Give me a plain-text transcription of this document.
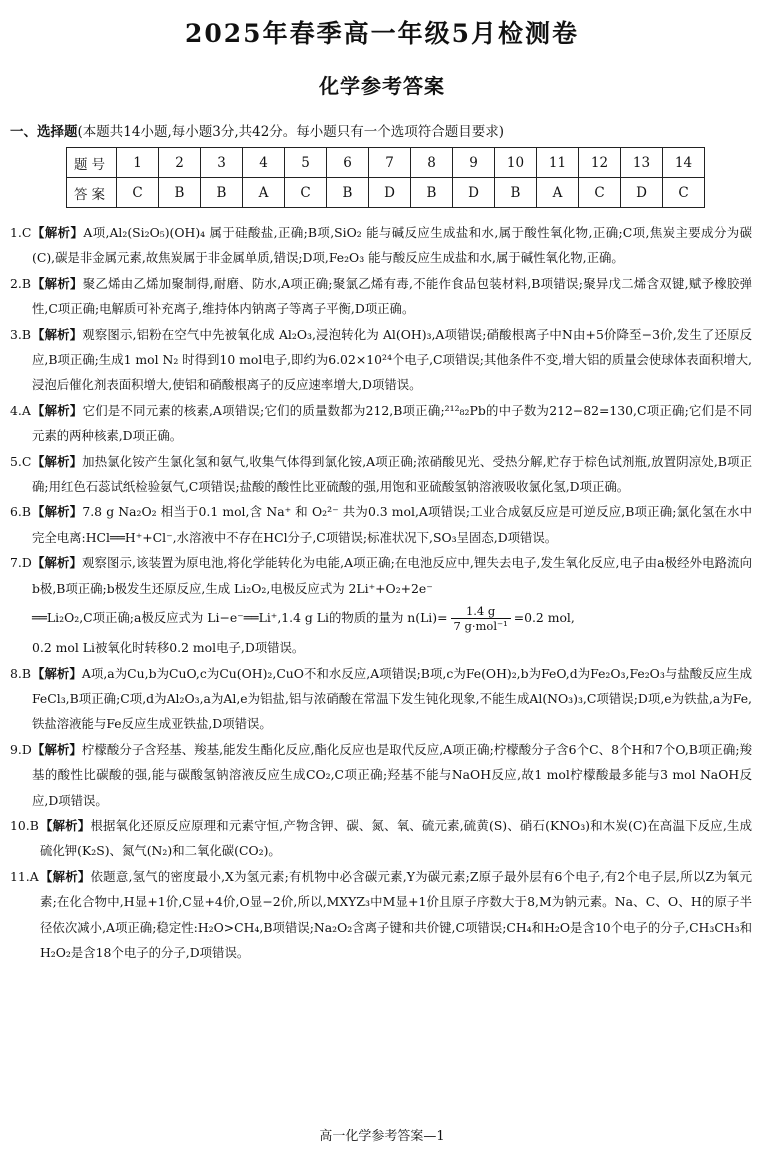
2025年春季高一年级5月检测卷
化学参考答案
一、选择题(本题共14小题,每小题3分,共42分。每小题只有一个选项符合题目要求)
题号	1	2	3	4	5	6	7	8	9	10	11	12	13	14
答案	C	B	B	A	C	B	D	B	D	B	A	C	D	C
1.C 【解析】A项,Al₂(Si₂O₅)(OH)₄ 属于硅酸盐,正确;B项,SiO₂ 能与碱反应生成盐和水,属于酸性氧化物,正确;C项,焦炭主要成分为碳(C),碳是非金属元素,故焦炭属于非金属单质,错误;D项,Fe₂O₃ 能与酸反应生成盐和水,属于碱性氧化物,正确。
2.B 【解析】聚乙烯由乙烯加聚制得,耐磨、防水,A项正确;聚氯乙烯有毒,不能作食品包装材料,B项错误;聚异戊二烯含双键,赋予橡胶弹性,C项正确;电解质可补充离子,维持体内钠离子等离子平衡,D项正确。
3.B 【解析】观察图示,铝粉在空气中先被氧化成 Al₂O₃,浸泡转化为 Al(OH)₃,A项错误;硝酸根离子中N由+5价降至−3价,发生了还原反应,B项正确;生成1 mol N₂ 时得到10 mol电子,即约为6.02×10²⁴个电子,C项错误;其他条件不变,增大铝的质量会使球体表面积增大,浸泡后催化剂表面积增大,使铝和硝酸根离子的反应速率增大,D项错误。
4.A 【解析】它们是不同元素的核素,A项错误;它们的质量数都为212,B项正确;²¹²₈₂Pb的中子数为212−82=130,C项正确;它们是不同元素的两种核素,D项正确。
5.C 【解析】加热氯化铵产生氯化氢和氨气,收集气体得到氯化铵,A项正确;浓硝酸见光、受热分解,贮存于棕色试剂瓶,放置阴凉处,B项正确;用红色石蕊试纸检验氨气,C项错误;盐酸的酸性比亚硫酸的强,用饱和亚硫酸氢钠溶液吸收氯化氢,D项正确。
6.B 【解析】7.8 g Na₂O₂ 相当于0.1 mol,含 Na⁺ 和 O₂²⁻ 共为0.3 mol,A项错误;工业合成氨反应是可逆反应,B项正确;氯化氢在水中完全电离:HCl══H⁺+Cl⁻,水溶液中不存在HCl分子,C项错误;标准状况下,SO₃呈固态,D项错误。
7.D 【解析】观察图示,该装置为原电池,将化学能转化为电能,A项正确;在电池反应中,锂失去电子,发生氧化反应,电子由a极经外电路流向b极,B项正确;b极发生还原反应,生成 Li₂O₂,电极反应式为 2Li⁺+O₂+2e⁻
══Li₂O₂,C项正确;a极反应式为 Li−e⁻══Li⁺,1.4 g Li的物质的量为 $n(Li)= \frac{1.4 g}{\text{7 g·mol⁻¹}} =0.2$ mol,
0.2 mol Li被氧化时转移0.2 mol电子,D项错误。
8.B 【解析】A项,a为Cu,b为CuO,c为Cu(OH)₂,CuO不和水反应,A项错误;B项,c为Fe(OH)₂,b为FeO,d为Fe₂O₃,Fe₂O₃与盐酸反应生成FeCl₃,B项正确;C项,d为Al₂O₃,a为Al,e为铝盐,铝与浓硝酸在常温下发生钝化现象,不能生成Al(NO₃)₃,C项错误;D项,e为铁盐,a为Fe,铁盐溶液能与Fe反应生成亚铁盐,D项错误。
9.D 【解析】柠檬酸分子含羟基、羧基,能发生酯化反应,酯化反应也是取代反应,A项正确;柠檬酸分子含6个C、8个H和7个O,B项正确;羧基的酸性比碳酸的强,能与碳酸氢钠溶液反应生成CO₂,C项正确;羟基不能与NaOH反应,故1 mol柠檬酸最多能与3 mol NaOH反应,D项错误。
10.B 【解析】根据氧化还原反应原理和元素守恒,产物含钾、碳、氮、氧、硫元素,硫黄(S)、硝石(KNO₃)和木炭(C)在高温下反应,生成硫化钾(K₂S)、氮气(N₂)和二氧化碳(CO₂)。
11.A 【解析】依题意,氢气的密度最小,X为氢元素;有机物中必含碳元素,Y为碳元素;Z原子最外层有6个电子,有2个电子层,所以Z为氧元素;在化合物中,H显+1价,C显+4价,O显−2价,所以,MXYZ₃中M显+1价且原子序数大于8,M为钠元素。Na、C、O、H的原子半径依次减小,A项正确;稳定性:H₂O>CH₄,B项错误;Na₂O₂含离子键和共价键,C项错误;CH₄和H₂O是含10个电子的分子,CH₃CH₃和H₂O₂是含18个电子的分子,D项错误。
高一化学参考答案—1
